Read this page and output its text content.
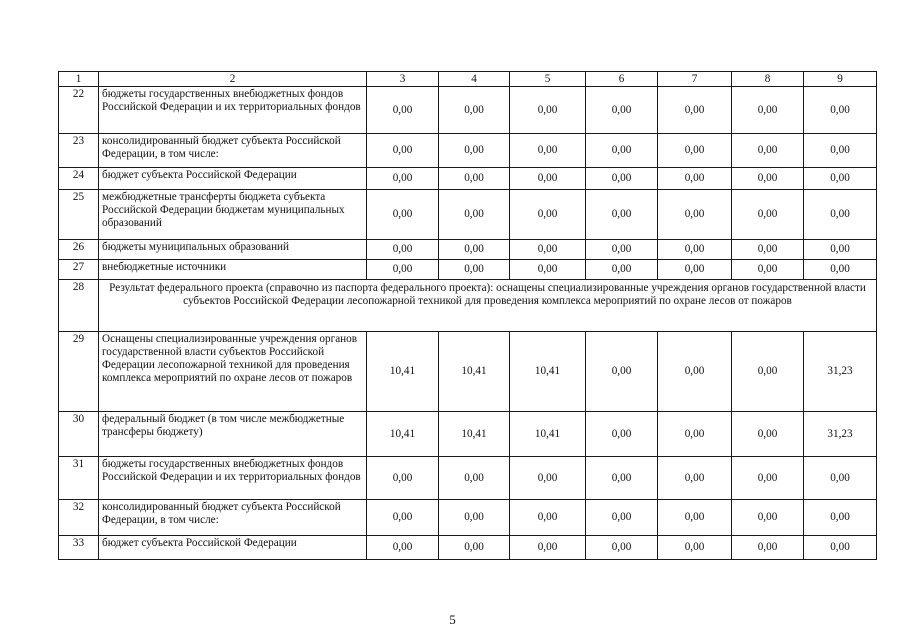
1	2	3	4	5	6	7	8	9
22	бюджеты государственных внебюджетных фондов Российской Федерации и их территориальных фондов	0,00	0,00	0,00	0,00	0,00	0,00	0,00
23	консолидированный бюджет субъекта Российской Федерации, в том числе:	0,00	0,00	0,00	0,00	0,00	0,00	0,00
24	бюджет субъекта Российской Федерации	0,00	0,00	0,00	0,00	0,00	0,00	0,00
25	межбюджетные трансферты бюджета субъекта Российской Федерации бюджетам муниципальных образований	0,00	0,00	0,00	0,00	0,00	0,00	0,00
26	бюджеты муниципальных образований	0,00	0,00	0,00	0,00	0,00	0,00	0,00
27	внебюджетные источники	0,00	0,00	0,00	0,00	0,00	0,00	0,00
28	Результат федерального проекта (справочно из паспорта федерального проекта): оснащены специализированные учреждения органов государственной власти субъектов Российской Федерации лесопожарной техникой для проведения комплекса мероприятий по охране лесов от пожаров							
29	Оснащены специализированные учреждения органов государственной власти субъектов Российской Федерации лесопожарной техникой для проведения комплекса мероприятий по охране лесов от пожаров	10,41	10,41	10,41	0,00	0,00	0,00	31,23
30	федеральный бюджет (в том числе межбюджетные трансферы бюджету)	10,41	10,41	10,41	0,00	0,00	0,00	31,23
31	бюджеты государственных внебюджетных фондов Российской Федерации и их территориальных фондов	0,00	0,00	0,00	0,00	0,00	0,00	0,00
32	консолидированный бюджет субъекта Российской Федерации, в том числе:	0,00	0,00	0,00	0,00	0,00	0,00	0,00
33	бюджет субъекта Российской Федерации	0,00	0,00	0,00	0,00	0,00	0,00	0,00
5
